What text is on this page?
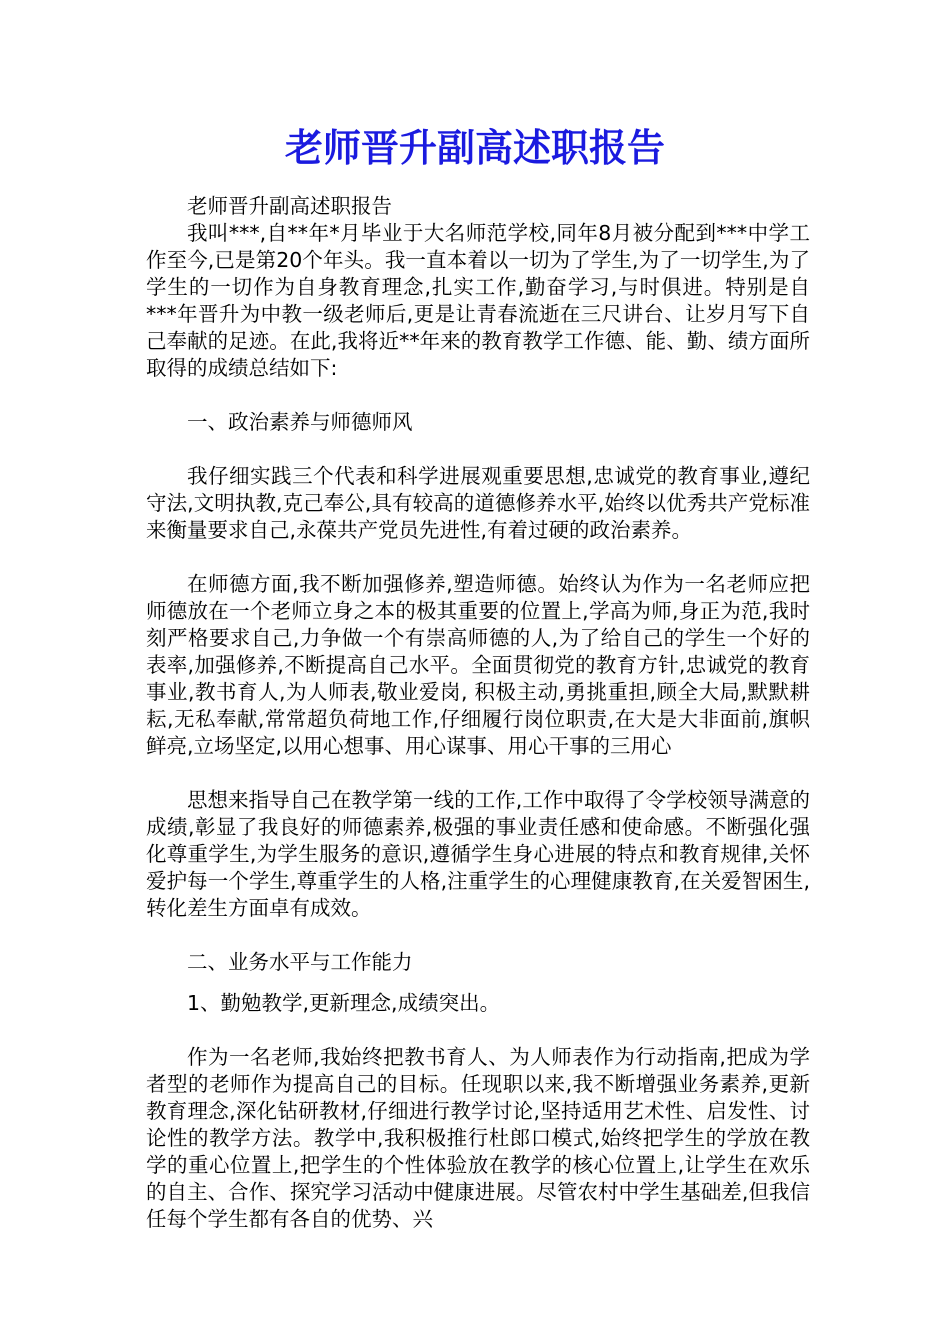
老师晋升副高述职报告

老师晋升副高述职报告

我叫***,自**年*月毕业于大名师范学校,同年8月被分配到***中学工作至今,已是第20个年头。我一直本着以一切为了学生,为了一切学生,为了学生的一切作为自身教育理念,扎实工作,勤奋学习,与时俱进。特别是自***年晋升为中教一级老师后,更是让青春流逝在三尺讲台、让岁月写下自己奉献的足迹。在此,我将近**年来的教育教学工作德、能、勤、绩方面所取得的成绩总结如下:

一、政治素养与师德师风

我仔细实践三个代表和科学进展观重要思想,忠诚党的教育事业,遵纪守法,文明执教,克己奉公,具有较高的道德修养水平,始终以优秀共产党标准来衡量要求自己,永葆共产党员先进性,有着过硬的政治素养。

在师德方面,我不断加强修养,塑造师德。始终认为作为一名老师应把师德放在一个老师立身之本的极其重要的位置上,学高为师,身正为范,我时刻严格要求自己,力争做一个有崇高师德的人,为了给自己的学生一个好的表率,加强修养,不断提高自己水平。全面贯彻党的教育方针,忠诚党的教育事业,教书育人,为人师表,敬业爱岗, 积极主动,勇挑重担,顾全大局,默默耕耘,无私奉献,常常超负荷地工作,仔细履行岗位职责,在大是大非面前,旗帜鲜亮,立场坚定,以用心想事、用心谋事、用心干事的三用心

思想来指导自己在教学第一线的工作,工作中取得了令学校领导满意的成绩,彰显了我良好的师德素养,极强的事业责任感和使命感。不断强化强化尊重学生,为学生服务的意识,遵循学生身心进展的特点和教育规律,关怀爱护每一个学生,尊重学生的人格,注重学生的心理健康教育,在关爱智困生,转化差生方面卓有成效。

二、业务水平与工作能力

1、勤勉教学,更新理念,成绩突出。

作为一名老师,我始终把教书育人、为人师表作为行动指南,把成为学者型的老师作为提高自己的目标。任现职以来,我不断增强业务素养,更新教育理念,深化钻研教材,仔细进行教学讨论,坚持适用艺术性、启发性、讨论性的教学方法。教学中,我积极推行杜郎口模式,始终把学生的学放在教学的重心位置上,把学生的个性体验放在教学的核心位置上,让学生在欢乐的自主、合作、探究学习活动中健康进展。尽管农村中学生基础差,但我信任每个学生都有各自的优势、兴
